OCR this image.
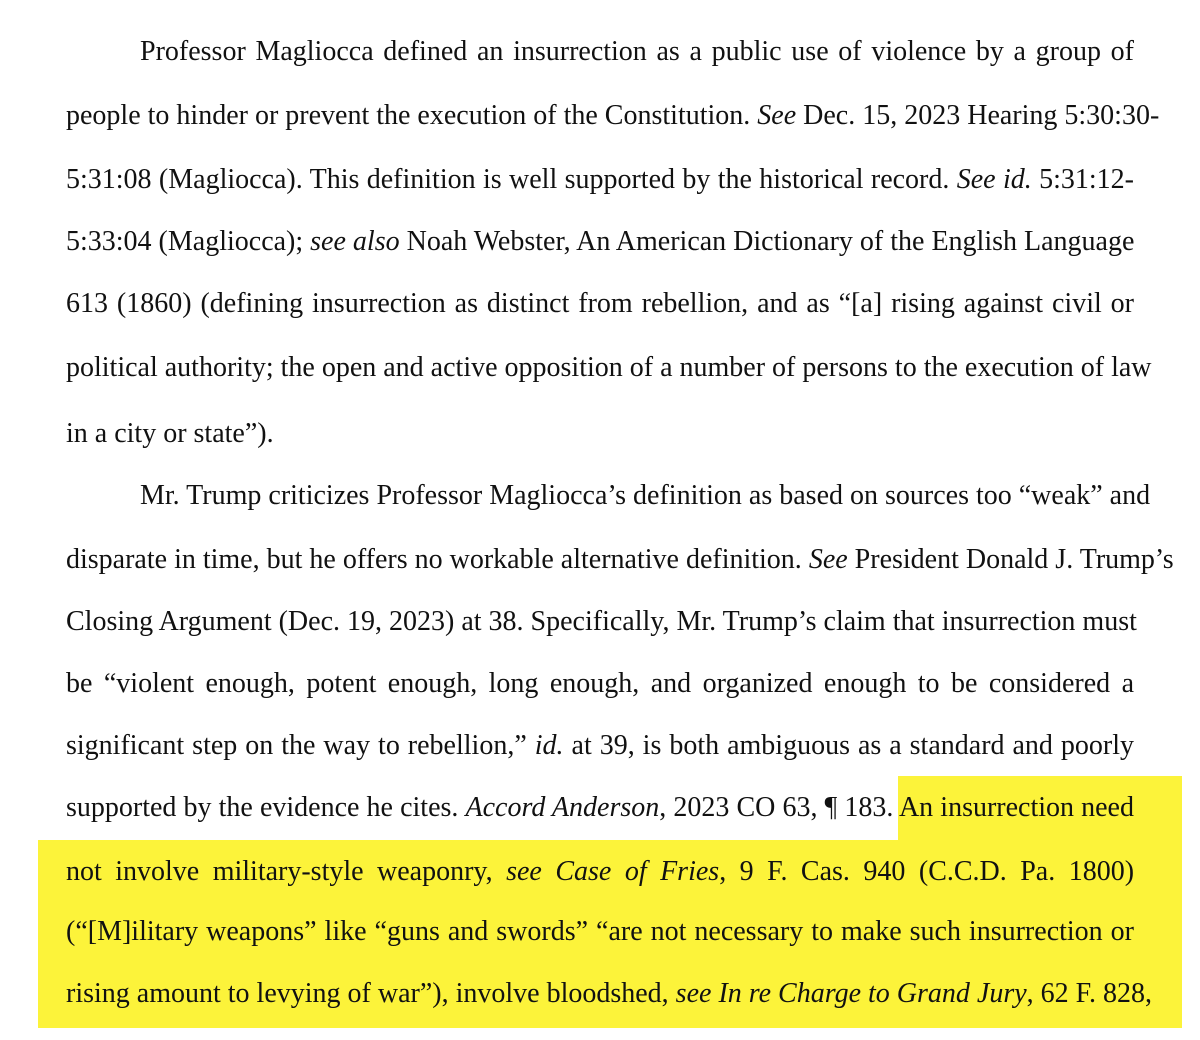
Professor Magliocca defined an insurrection as a public use of violence by a group of
people to hinder or prevent the execution of the Constitution. See Dec. 15, 2023 Hearing 5:30:30-
5:31:08 (Magliocca). This definition is well supported by the historical record. See id. 5:31:12-
5:33:04 (Magliocca); see also Noah Webster, An American Dictionary of the English Language
613 (1860) (defining insurrection as distinct from rebellion, and as “[a] rising against civil or
political authority; the open and active opposition of a number of persons to the execution of law
in a city or state”).
Mr. Trump criticizes Professor Magliocca’s definition as based on sources too “weak” and
disparate in time, but he offers no workable alternative definition. See President Donald J. Trump’s
Closing Argument (Dec. 19, 2023) at 38. Specifically, Mr. Trump’s claim that insurrection must
be “violent enough, potent enough, long enough, and organized enough to be considered a
significant step on the way to rebellion,” id. at 39, is both ambiguous as a standard and poorly
supported by the evidence he cites. Accord Anderson, 2023 CO 63, ¶ 183. An insurrection need
not involve military-style weaponry, see Case of Fries, 9 F. Cas. 940 (C.C.D. Pa. 1800)
(“[M]ilitary weapons” like “guns and swords” “are not necessary to make such insurrection or
rising amount to levying of war”), involve bloodshed, see In re Charge to Grand Jury, 62 F. 828,
